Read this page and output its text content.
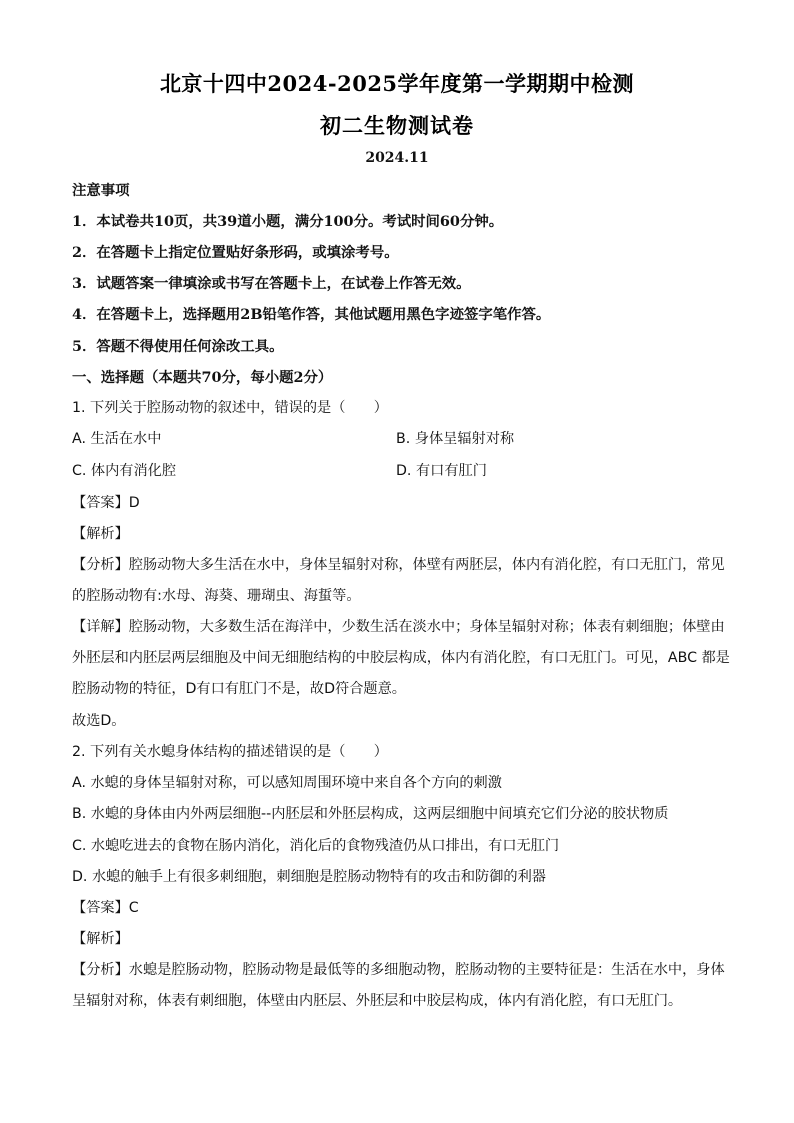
北京十四中2024-2025学年度第一学期期中检测
初二生物测试卷
2024.11
注意事项
1．本试卷共10页，共39道小题，满分100分。考试时间60分钟。
2．在答题卡上指定位置贴好条形码，或填涂考号。
3．试题答案一律填涂或书写在答题卡上，在试卷上作答无效。
4．在答题卡上，选择题用2B铅笔作答，其他试题用黑色字迹签字笔作答。
5．答题不得使用任何涂改工具。
一、选择题（本题共70分，每小题2分）
1. 下列关于腔肠动物的叙述中，错误的是（　　）
A. 生活在水中	B. 身体呈辐射对称
C. 体内有消化腔	D. 有口有肛门
【答案】D
【解析】
【分析】腔肠动物大多生活在水中，身体呈辐射对称，体壁有两胚层，体内有消化腔，有口无肛门，常见
的腔肠动物有:水母、海葵、珊瑚虫、海蜇等。
【详解】腔肠动物，大多数生活在海洋中，少数生活在淡水中；身体呈辐射对称；体表有刺细胞；体壁由
外胚层和内胚层两层细胞及中间无细胞结构的中胶层构成，体内有消化腔，有口无肛门。可见，ABC 都是
腔肠动物的特征，D有口有肛门不是，故D符合题意。
故选D。
2. 下列有关水螅身体结构的描述错误的是（　　）
A. 水螅的身体呈辐射对称，可以感知周围环境中来自各个方向的刺激
B. 水螅的身体由内外两层细胞--内胚层和外胚层构成，这两层细胞中间填充它们分泌的胶状物质
C. 水螅吃进去的食物在肠内消化，消化后的食物残渣仍从口排出，有口无肛门
D. 水螅的触手上有很多刺细胞，刺细胞是腔肠动物特有的攻击和防御的利器
【答案】C
【解析】
【分析】水螅是腔肠动物，腔肠动物是最低等的多细胞动物，腔肠动物的主要特征是：生活在水中，身体
呈辐射对称，体表有刺细胞，体壁由内胚层、外胚层和中胶层构成，体内有消化腔，有口无肛门。
